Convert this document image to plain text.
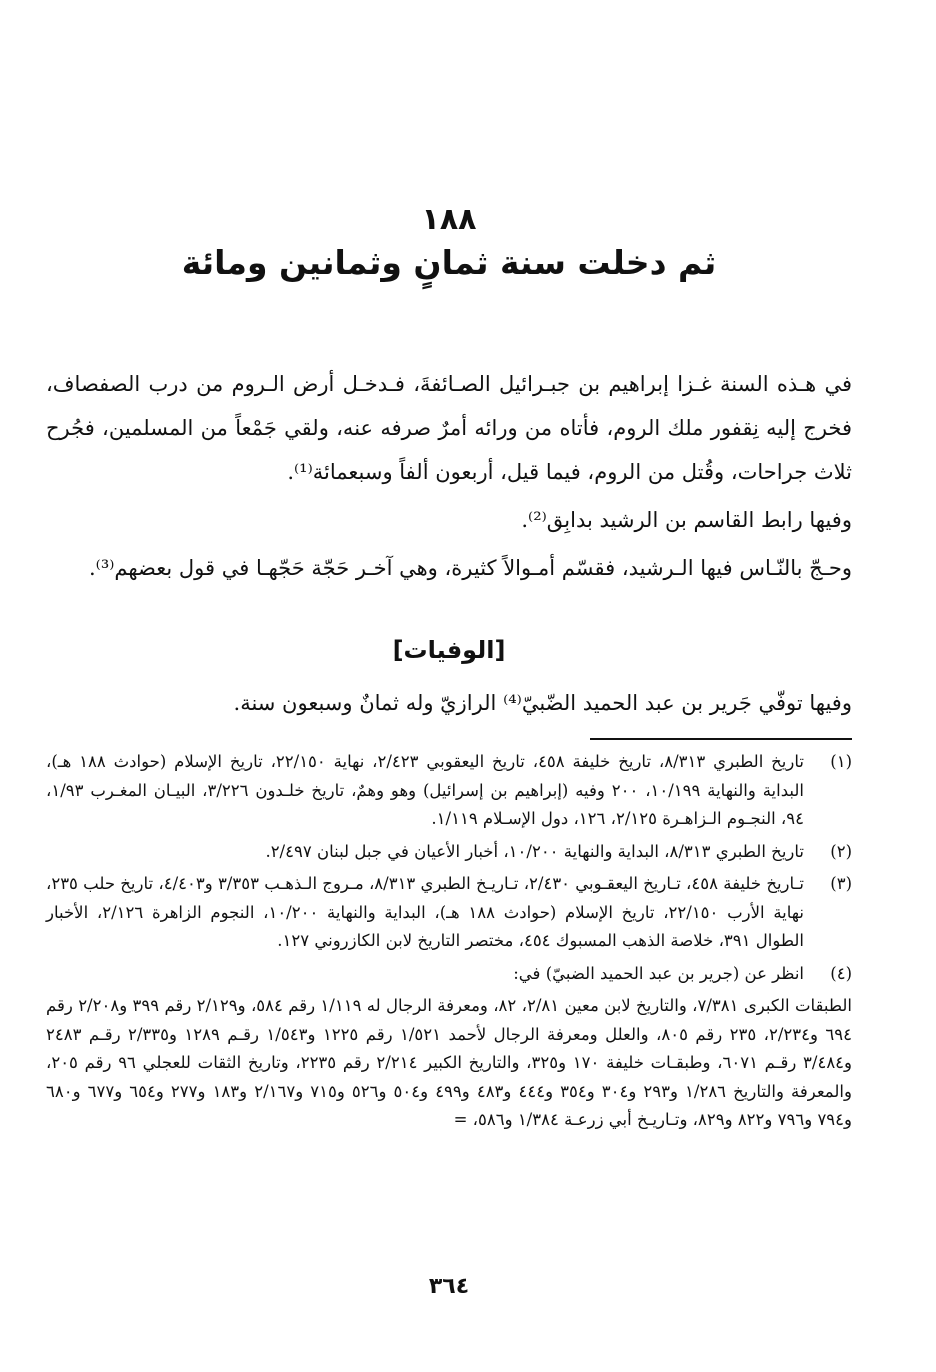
١٨٨
ثم دخلت سنة ثمانٍ وثمانين ومائة

في هـذه السنة غـزا إبراهيم بن جبـرائيل الصـائفةَ، فـدخـل أرض الـروم من درب الصفصاف، فخرج إليه نِقفور ملك الروم، فأتاه من ورائه أمرٌ صرفه عنه، ولقي جَمْعاً من المسلمين، فجُرح ثلاث جراحات، وقُتل من الروم، فيما قيل، أربعون ألفاً وسبعمائة⁽¹⁾.

وفيها رابط القاسم بن الرشيد بدابِق⁽²⁾.

وحـجّ بالنّـاس فيها الـرشيد، فقسّم أمـوالاً كثيرة، وهي آخـر حَجّة حَجّهـا في قول بعضهم⁽³⁾.

[الوفيات]
وفيها توفّي جَرير بن عبد الحميد الضّبيّ⁽⁴⁾ الرازيّ وله ثمانٌ وسبعون سنة.
(١)
تاريخ الطبري ٨/٣١٣، تاريخ خليفة ٤٥٨، تاريخ اليعقوبي ٢/٤٢٣، نهاية ٢٢/١٥٠، تاريخ الإسلام (حوادث ١٨٨ هـ)، البداية والنهاية ١٠/١٩٩، ٢٠٠ وفيه (إبراهيم بن إسرائيل) وهو وهمٌ، تاريخ خلـدون ٣/٢٢٦، البيـان المغـرب ١/٩٣، ٩٤، النجـوم الـزاهـرة ٢/١٢٥، ١٢٦، دول الإسـلام ١/١١٩.
(٢)
تاريخ الطبري ٨/٣١٣، البداية والنهاية ١٠/٢٠٠، أخبار الأعيان في جبل لبنان ٢/٤٩٧.
(٣)
تـاريخ خليفة ٤٥٨، تـاريخ اليعقـوبي ٢/٤٣٠، تـاريـخ الطبري ٨/٣١٣، مـروج الـذهـب ٣/٣٥٣ و٤/٤٠٣، تاريخ حلب ٢٣٥، نهاية الأرب ٢٢/١٥٠، تاريخ الإسلام (حوادث ١٨٨ هـ)، البداية والنهاية ١٠/٢٠٠، النجوم الزاهرة ٢/١٢٦، الأخبار الطوال ٣٩١، خلاصة الذهب المسبوك ٤٥٤، مختصر التاريخ لابن الكازروني ١٢٧.
(٤)
انظر عن (جرير بن عبد الحميد الضبيّ) في:
الطبقات الكبرى ٧/٣٨١، والتاريخ لابن معين ٢/٨١، ٨٢، ومعرفة الرجال له ١/١١٩ رقم ٥٨٤، و٢/١٢٩ رقم ٣٩٩ و٢/٢٠٨ رقم ٦٩٤ و٢/٢٣٤، ٢٣٥ رقم ٨٠٥، والعلل ومعرفة الرجال لأحمد ١/٥٢١ رقم ١٢٢٥ و١/٥٤٣ رقـم ١٢٨٩ و٢/٣٣٥ رقـم ٢٤٨٣ و٣/٤٨٤ رقـم ٦٠٧١، وطبقـات خليفة ١٧٠ و٣٢٥، والتاريخ الكبير ٢/٢١٤ رقم ٢٢٣٥، وتاريخ الثقات للعجلي ٩٦ رقم ٢٠٥، والمعرفة والتاريخ ١/٢٨٦ و٢٩٣ و٣٠٤ و٣٥٤ و٤٤٤ و٤٨٣ و٤٩٩ و٥٠٤ و٥٢٦ و٧١٥ و٢/١٦٧ و١٨٣ و٢٧٧ و٦٥٤ و٦٧٧ و٦٨٠ و٧٩٤ و٧٩٦ و٨٢٢ و٨٢٩، وتـاريـخ أبي زرعـة ١/٣٨٤ و٥٨٦، =
٣٦٤
